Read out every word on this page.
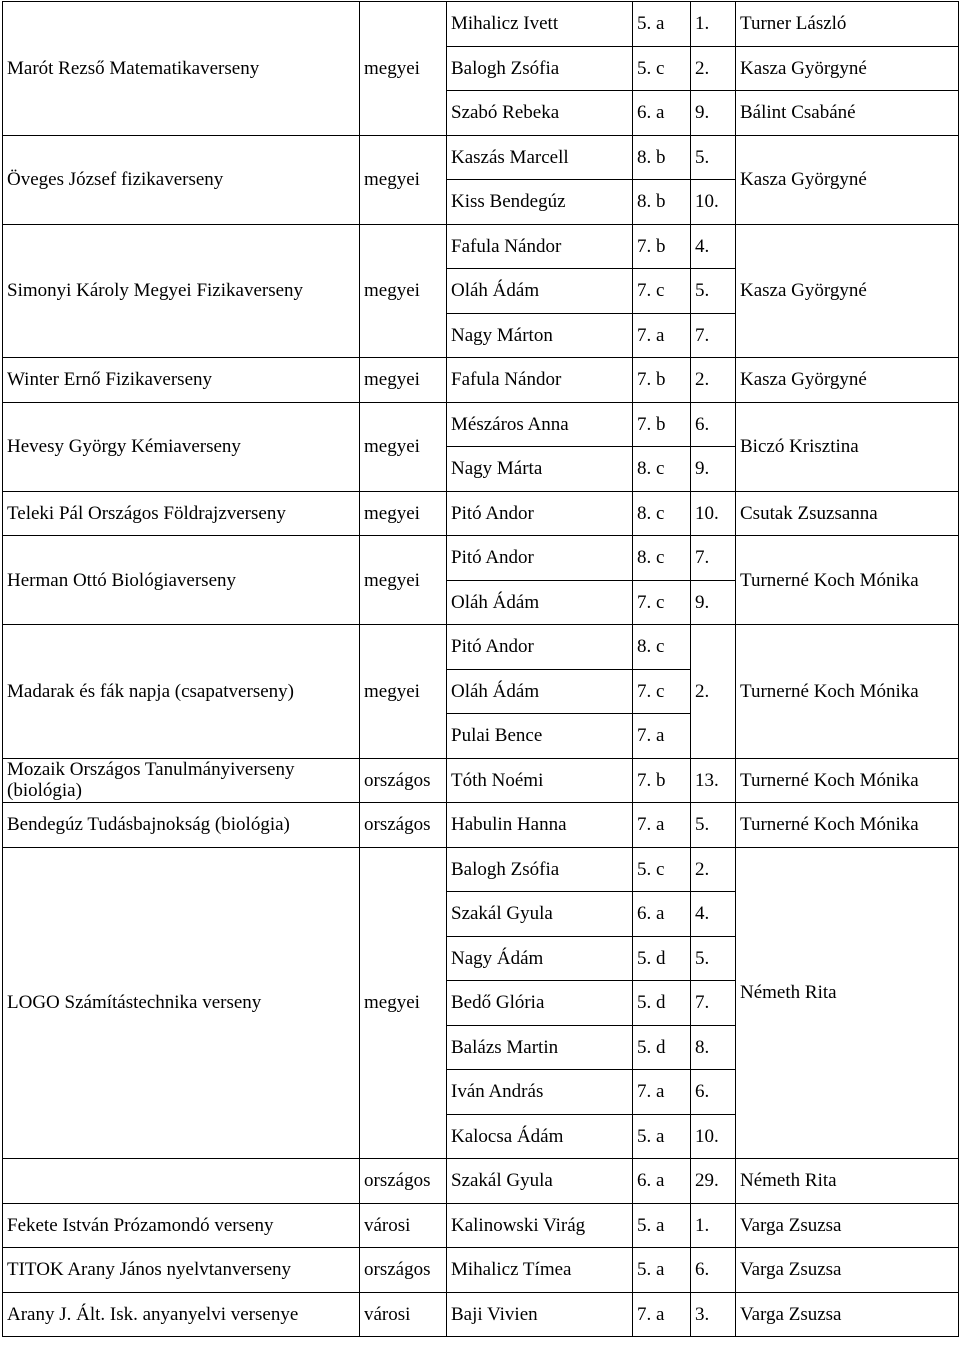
Marót Rezső Matematikaverseny	megyei	Mihalicz Ivett	5. a	1.	Turner László
		Balogh Zsófia	5. c	2.	Kasza Györgyné
		Szabó Rebeka	6. a	9.	Bálint Csabáné
Öveges József fizikaverseny	megyei	Kaszás Marcell	8. b	5.	Kasza Györgyné
		Kiss Bendegúz	8. b	10.	
Simonyi Károly Megyei Fizikaverseny	megyei	Fafula Nándor	7. b	4.	Kasza Györgyné
		Oláh Ádám	7. c	5.	
		Nagy Márton	7. a	7.	
Winter Ernő Fizikaverseny	megyei	Fafula Nándor	7. b	2.	Kasza Györgyné
Hevesy György Kémiaverseny	megyei	Mészáros Anna	7. b	6.	Biczó Krisztina
		Nagy Márta	8. c	9.	
Teleki Pál Országos Földrajzverseny	megyei	Pitó Andor	8. c	10.	Csutak Zsuzsanna
Herman Ottó Biológiaverseny	megyei	Pitó Andor	8. c	7.	Turnerné Koch Mónika
		Oláh Ádám	7. c	9.	
Madarak és fák napja (csapatverseny)	megyei	Pitó Andor	8. c	2.	Turnerné Koch Mónika
		Oláh Ádám	7. c		
		Pulai Bence	7. a		
Mozaik Országos Tanulmányiverseny (biológia)	országos	Tóth Noémi	7. b	13.	Turnerné Koch Mónika
Bendegúz Tudásbajnokság (biológia)	országos	Habulin Hanna	7. a	5.	Turnerné Koch Mónika
LOGO Számítástechnika verseny	megyei	Balogh Zsófia	5. c	2.	Németh Rita
		Szakál Gyula	6. a	4.	
		Nagy Ádám	5. d	5.	
		Bedő Glória	5. d	7.	
		Balázs Martin	5. d	8.	
		Iván András	7. a	6.	
		Kalocsa Ádám	5. a	10.	
	országos	Szakál Gyula	6. a	29.	Németh Rita
Fekete István Prózamondó verseny	városi	Kalinowski Virág	5. a	1.	Varga Zsuzsa
TITOK Arany János nyelvtanverseny	országos	Mihalicz Tímea	5. a	6.	Varga Zsuzsa
Arany J. Ált. Isk. anyanyelvi versenye	városi	Baji Vivien	7. a	3.	Varga Zsuzsa
